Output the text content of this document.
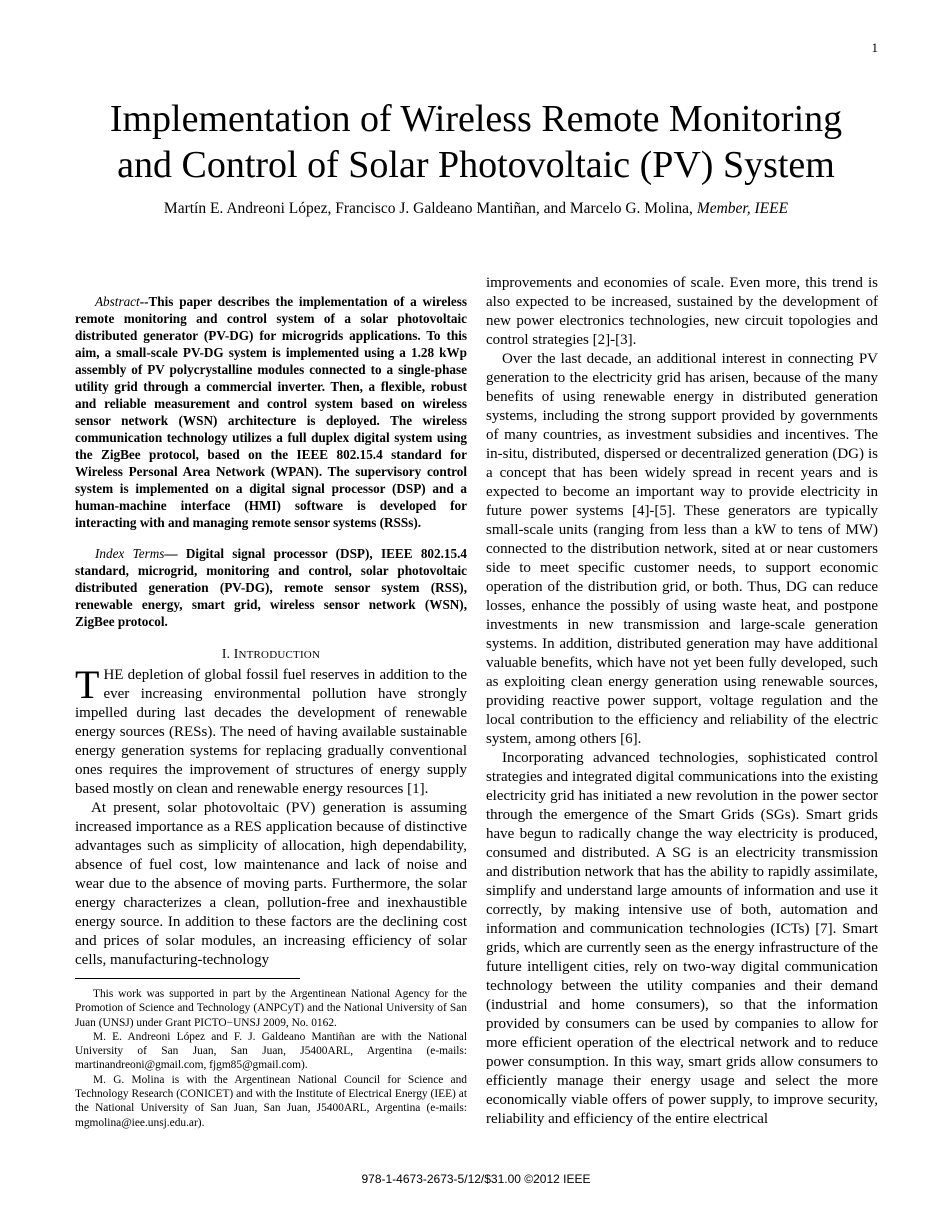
1
Implementation of Wireless Remote Monitoring
and Control of Solar Photovoltaic (PV) System
Martín E. Andreoni López, Francisco J. Galdeano Mantiñan, and Marcelo G. Molina, Member, IEEE

Abstract--This paper describes the implementation of a wireless remote monitoring and control system of a solar photovoltaic distributed generator (PV-DG) for microgrids applications. To this aim, a small-scale PV-DG system is implemented using a 1.28 kWp assembly of PV polycrystalline modules connected to a single-phase utility grid through a commercial inverter. Then, a flexible, robust and reliable measurement and control system based on wireless sensor network (WSN) architecture is deployed. The wireless communication technology utilizes a full duplex digital system using the ZigBee protocol, based on the IEEE 802.15.4 standard for Wireless Personal Area Network (WPAN). The supervisory control system is implemented on a digital signal processor (DSP) and a human-machine interface (HMI) software is developed for interacting with and managing remote sensor systems (RSSs).

Index Terms— Digital signal processor (DSP), IEEE 802.15.4 standard, microgrid, monitoring and control, solar photovoltaic distributed generation (PV-DG), remote sensor system (RSS), renewable energy, smart grid, wireless sensor network (WSN), ZigBee protocol.

I. INTRODUCTION

THE depletion of global fossil fuel reserves in addition to the ever increasing environmental pollution have strongly impelled during last decades the development of renewable energy sources (RESs). The need of having available sustainable energy generation systems for replacing gradually conventional ones requires the improvement of structures of energy supply based mostly on clean and renewable energy resources [1].

At present, solar photovoltaic (PV) generation is assuming increased importance as a RES application because of distinctive advantages such as simplicity of allocation, high dependability, absence of fuel cost, low maintenance and lack of noise and wear due to the absence of moving parts. Furthermore, the solar energy characterizes a clean, pollution-free and inexhaustible energy source. In addition to these factors are the declining cost and prices of solar modules, an increasing efficiency of solar cells, manufacturing-technology

This work was supported in part by the Argentinean National Agency for the Promotion of Science and Technology (ANPCyT) and the National University of San Juan (UNSJ) under Grant PICTO−UNSJ 2009, No. 0162.

M. E. Andreoni López and F. J. Galdeano Mantiñan are with the National University of San Juan, San Juan, J5400ARL, Argentina (e-mails: martinandreoni@gmail.com, fjgm85@gmail.com).

M. G. Molina is with the Argentinean National Council for Science and Technology Research (CONICET) and with the Institute of Electrical Energy (IEE) at the National University of San Juan, San Juan, J5400ARL, Argentina (e-mails: mgmolina@iee.unsj.edu.ar).

improvements and economies of scale. Even more, this trend is also expected to be increased, sustained by the development of new power electronics technologies, new circuit topologies and control strategies [2]-[3].

Over the last decade, an additional interest in connecting PV generation to the electricity grid has arisen, because of the many benefits of using renewable energy in distributed generation systems, including the strong support provided by governments of many countries, as investment subsidies and incentives. The in-situ, distributed, dispersed or decentralized generation (DG) is a concept that has been widely spread in recent years and is expected to become an important way to provide electricity in future power systems [4]-[5]. These generators are typically small-scale units (ranging from less than a kW to tens of MW) connected to the distribution network, sited at or near customers side to meet specific customer needs, to support economic operation of the distribution grid, or both. Thus, DG can reduce losses, enhance the possibly of using waste heat, and postpone investments in new transmission and large-scale generation systems. In addition, distributed generation may have additional valuable benefits, which have not yet been fully developed, such as exploiting clean energy generation using renewable sources, providing reactive power support, voltage regulation and the local contribution to the efficiency and reliability of the electric system, among others [6].

Incorporating advanced technologies, sophisticated control strategies and integrated digital communications into the existing electricity grid has initiated a new revolution in the power sector through the emergence of the Smart Grids (SGs). Smart grids have begun to radically change the way electricity is produced, consumed and distributed. A SG is an electricity transmission and distribution network that has the ability to rapidly assimilate, simplify and understand large amounts of information and use it correctly, by making intensive use of both, automation and information and communication technologies (ICTs) [7]. Smart grids, which are currently seen as the energy infrastructure of the future intelligent cities, rely on two-way digital communication technology between the utility companies and their demand (industrial and home consumers), so that the information provided by consumers can be used by companies to allow for more efficient operation of the electrical network and to reduce power consumption. In this way, smart grids allow consumers to efficiently manage their energy usage and select the more economically viable offers of power supply, to improve security, reliability and efficiency of the entire electrical

978-1-4673-2673-5/12/$31.00 ©2012 IEEE
